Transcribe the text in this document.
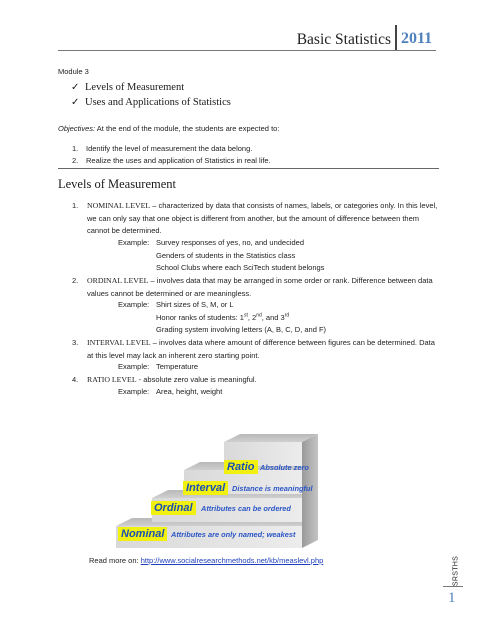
Basic Statistics 2011
Module 3
✓ Levels of Measurement
✓ Uses and Applications of Statistics
Objectives: At the end of the module, the students are expected to:
1. Identify the level of measurement the data belong.
2. Realize the uses and application of Statistics in real life.
Levels of Measurement
1. NOMINAL LEVEL – characterized by data that consists of names, labels, or categories only. In this level, we can only say that one object is different from another, but the amount of difference between them cannot be determined.
Example: Survey responses of yes, no, and undecided
Genders of students in the Statistics class
School Clubs where each SciTech student belongs
2. ORDINAL LEVEL – involves data that may be arranged in some order or rank. Difference between data values cannot be determined or are meaningless.
Example: Shirt sizes of S, M, or L
Honor ranks of students: 1st, 2nd, and 3rd
Grading system involving letters (A, B, C, D, and F)
3. INTERVAL LEVEL – involves data where amount of difference between figures can be determined. Data at this level may lack an inherent zero starting point.
Example: Temperature
4. RATIO LEVEL - absolute zero value is meaningful.
Example: Area, height, weight
Nominal Attributes are only named; weakest
Ordinal	Attributes can be ordered
Interval Distance is meaningful
Ratio Absolute zero
Read more on: http://www.socialresearchmethods.net/kb/measlevl.php	SRSTHS
1
